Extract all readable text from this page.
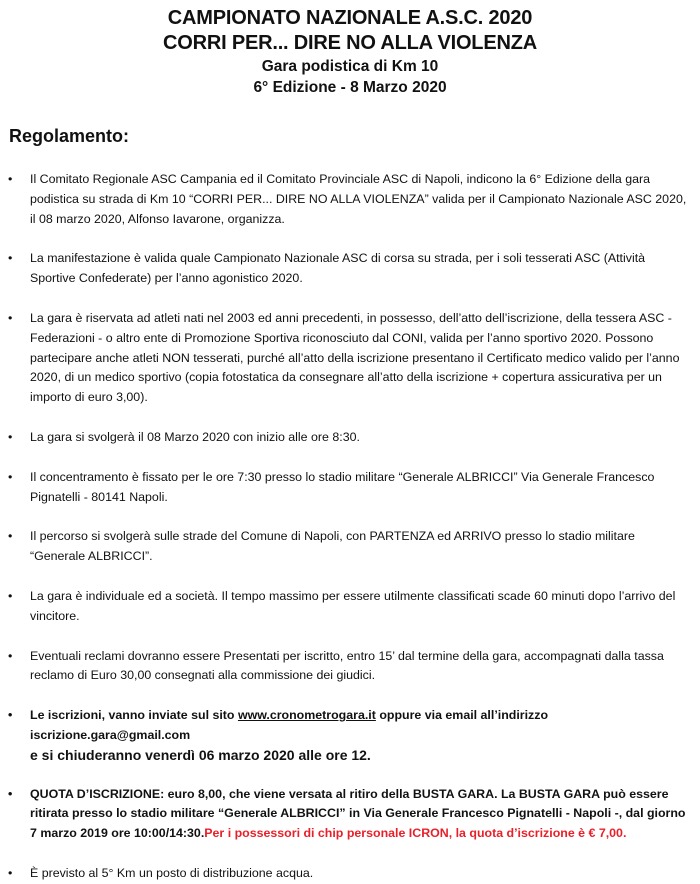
CAMPIONATO NAZIONALE A.S.C. 2020
CORRI PER... DIRE NO ALLA VIOLENZA
Gara podistica di Km 10
6° Edizione - 8 Marzo 2020
Regolamento:
• Il Comitato Regionale ASC Campania ed il Comitato Provinciale ASC di Napoli, indicono la 6° Edizione della gara podistica su strada di Km 10 “CORRI PER... DIRE NO ALLA VIOLENZA” valida per il Campionato Nazionale ASC 2020, il 08 marzo 2020, Alfonso Iavarone, organizza.
• La manifestazione è valida quale Campionato Nazionale ASC di corsa su strada, per i soli tesserati ASC (Attività Sportive Confederate) per l’anno agonistico 2020.
• La gara è riservata ad atleti nati nel 2003 ed anni precedenti, in possesso, dell’atto dell’iscrizione, della tessera ASC - Federazioni - o altro ente di Promozione Sportiva riconosciuto dal CONI, valida per l’anno sportivo 2020. Possono partecipare anche atleti NON tesserati, purché all’atto della iscrizione presentano il Certificato medico valido per l’anno 2020, di un medico sportivo (copia fotostatica da consegnare all’atto della iscrizione + copertura assicurativa per un importo di euro 3,00).
• La gara si svolgerà il 08 Marzo 2020 con inizio alle ore 8:30.
• Il concentramento è fissato per le ore 7:30 presso lo stadio militare “Generale ALBRICCI” Via Generale Francesco Pignatelli - 80141 Napoli.
• Il percorso si svolgerà sulle strade del Comune di Napoli, con PARTENZA ed ARRIVO presso lo stadio militare “Generale ALBRICCI”.
• La gara è individuale ed a società. Il tempo massimo per essere utilmente classificati scade 60 minuti dopo l’arrivo del vincitore.
• Eventuali reclami dovranno essere Presentati per iscritto, entro 15’ dal termine della gara, accompagnati dalla tassa reclamo di Euro 30,00 consegnati alla commissione dei giudici.
• Le iscrizioni, vanno inviate sul sito www.cronometrogara.it oppure via email all’indirizzo iscrizione.gara@gmail.com
e si chiuderanno venerdì 06 marzo 2020 alle ore 12.
• QUOTA D’ISCRIZIONE: euro 8,00, che viene versata al ritiro della BUSTA GARA. La BUSTA GARA può essere ritirata presso lo stadio militare “Generale ALBRICCI” in Via Generale Francesco Pignatelli - Napoli -, dal giorno 7 marzo 2019 ore 10:00/14:30.Per i possessori di chip personale ICRON, la quota d’iscrizione è € 7,00.
• È previsto al 5° Km un posto di distribuzione acqua.
